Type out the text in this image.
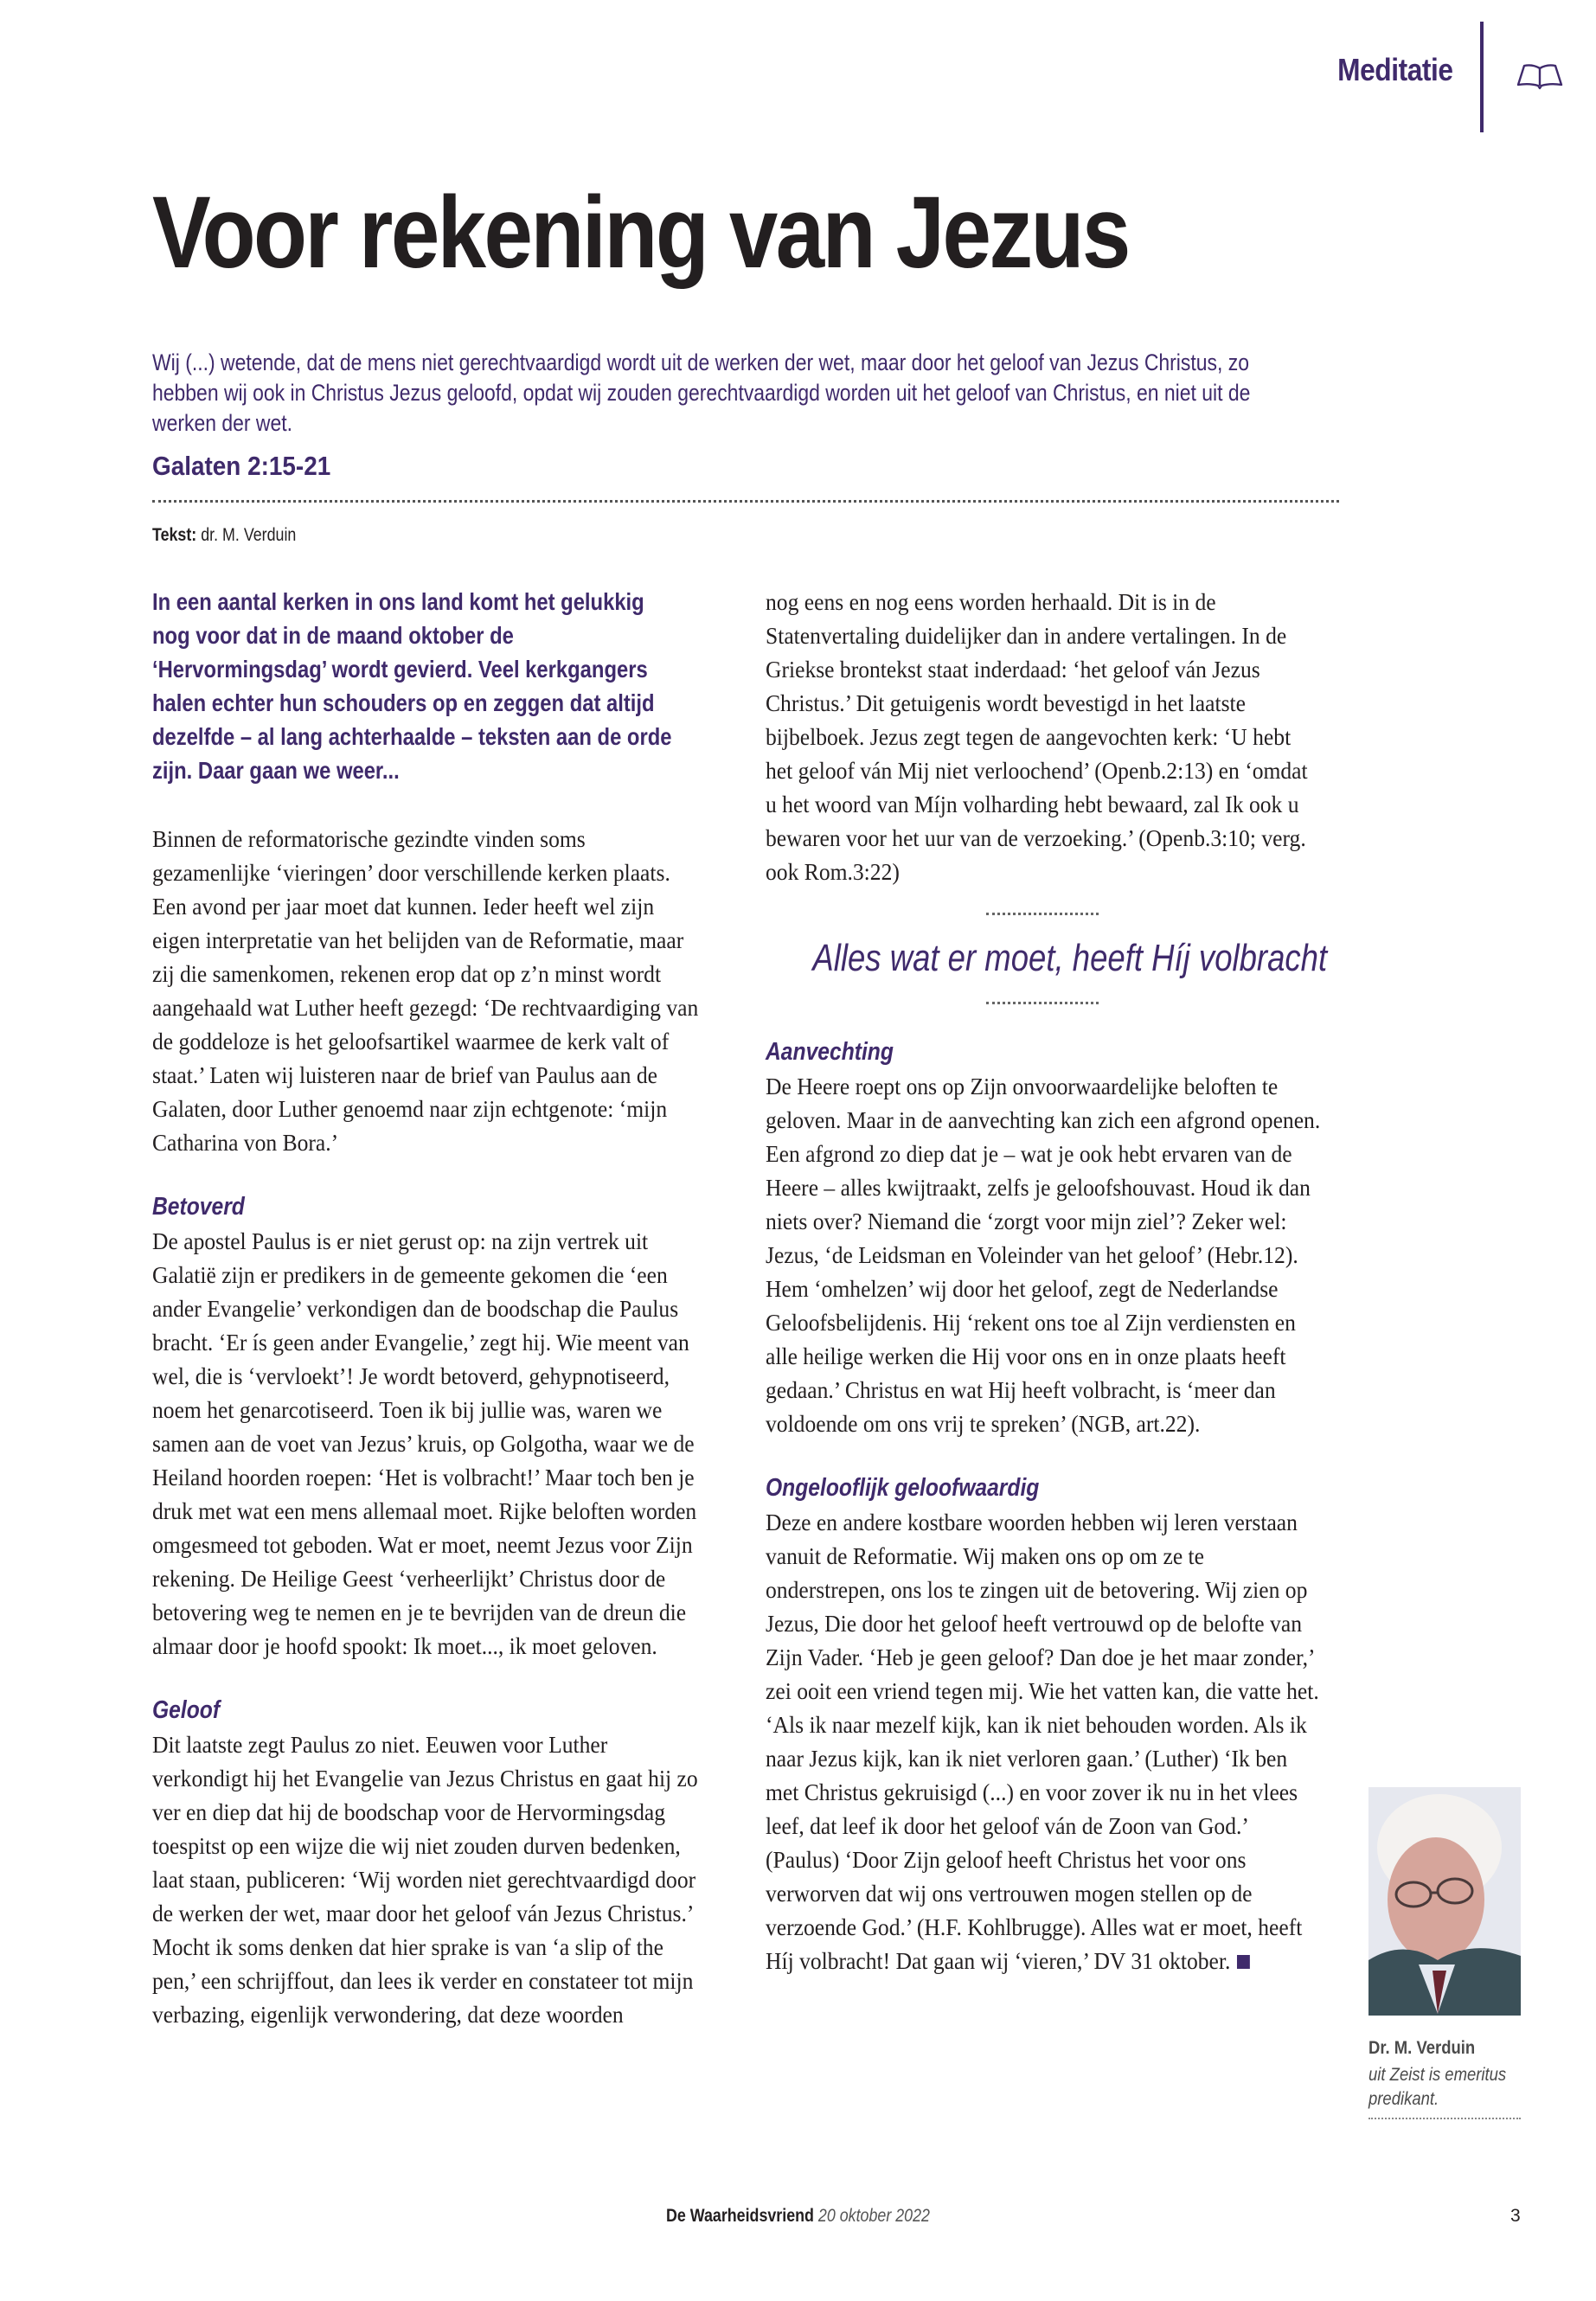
Meditatie
Voor rekening van Jezus
Wij (...) wetende, dat de mens niet gerechtvaardigd wordt uit de werken der wet, maar door het geloof van Jezus Christus, zo hebben wij ook in Christus Jezus geloofd, opdat wij zouden gerechtvaardigd worden uit het geloof van Christus, en niet uit de werken der wet.
Galaten 2:15-21
Tekst: dr. M. Verduin

In een aantal kerken in ons land komt het gelukkig nog voor dat in de maand oktober de ‘Hervormingsdag’ wordt gevierd. Veel kerkgangers halen echter hun schouders op en zeggen dat altijd dezelfde – al lang achterhaalde – teksten aan de orde zijn. Daar gaan we weer...

Binnen de reformatorische gezindte vinden soms gezamenlijke ‘vieringen’ door verschillende kerken plaats. Een avond per jaar moet dat kunnen. Ieder heeft wel zijn eigen interpretatie van het belijden van de Reformatie, maar zij die samenkomen, rekenen erop dat op z’n minst wordt aangehaald wat Luther heeft gezegd: ‘De rechtvaardiging van de goddeloze is het geloofsartikel waarmee de kerk valt of staat.’ Laten wij luisteren naar de brief van Paulus aan de Galaten, door Luther genoemd naar zijn echtgenote: ‘mijn Catharina von Bora.’

Betoverd

De apostel Paulus is er niet gerust op: na zijn vertrek uit Galatië zijn er predikers in de gemeente gekomen die ‘een ander Evangelie’ verkondigen dan de boodschap die Paulus bracht. ‘Er ís geen ander Evangelie,’ zegt hij. Wie meent van wel, die is ‘vervloekt’! Je wordt betoverd, gehypnotiseerd, noem het genarcotiseerd. Toen ik bij jullie was, waren we samen aan de voet van Jezus’ kruis, op Golgotha, waar we de Heiland hoorden roepen: ‘Het is volbracht!’ Maar toch ben je druk met wat een mens allemaal moet. Rijke beloften worden omgesmeed tot geboden. Wat er moet, neemt Jezus voor Zijn rekening. De Heilige Geest ‘verheerlijkt’ Christus door de betovering weg te nemen en je te bevrijden van de dreun die almaar door je hoofd spookt: Ik moet..., ik moet geloven.

Geloof

Dit laatste zegt Paulus zo niet. Eeuwen voor Luther verkondigt hij het Evangelie van Jezus Christus en gaat hij zo ver en diep dat hij de boodschap voor de Hervormingsdag toespitst op een wijze die wij niet zouden durven bedenken, laat staan, publiceren: ‘Wij worden niet gerechtvaardigd door de werken der wet, maar door het geloof ván Jezus Christus.’ Mocht ik soms denken dat hier sprake is van ‘a slip of the pen,’ een schrijffout, dan lees ik verder en constateer tot mijn verbazing, eigenlijk verwondering, dat deze woorden

nog eens en nog eens worden herhaald. Dit is in de Statenvertaling duidelijker dan in andere vertalingen. In de Griekse brontekst staat inderdaad: ‘het geloof ván Jezus Christus.’ Dit getuigenis wordt bevestigd in het laatste bijbelboek. Jezus zegt tegen de aangevochten kerk: ‘U hebt het geloof ván Mij niet verloochend’ (Openb.2:13) en ‘omdat u het woord van Míjn volharding hebt bewaard, zal Ik ook u bewaren voor het uur van de verzoeking.’ (Openb.3:10; verg. ook Rom.3:22)

Alles wat er moet, heeft Híj volbracht
Aanvechting

De Heere roept ons op Zijn onvoorwaardelijke beloften te geloven. Maar in de aanvechting kan zich een afgrond openen. Een afgrond zo diep dat je – wat je ook hebt ervaren van de Heere – alles kwijtraakt, zelfs je geloofshouvast. Houd ik dan niets over? Niemand die ‘zorgt voor mijn ziel’? Zeker wel: Jezus, ‘de Leidsman en Voleinder van het geloof’ (Hebr.12). Hem ‘omhelzen’ wij door het geloof, zegt de Nederlandse Geloofsbelijdenis. Hij ‘rekent ons toe al Zijn verdiensten en alle heilige werken die Hij voor ons en in onze plaats heeft gedaan.’ Christus en wat Hij heeft volbracht, is ‘meer dan voldoende om ons vrij te spreken’ (NGB, art.22).

Ongelooflijk geloofwaardig

Deze en andere kostbare woorden hebben wij leren verstaan vanuit de Reformatie. Wij maken ons op om ze te onderstrepen, ons los te zingen uit de betovering. Wij zien op Jezus, Die door het geloof heeft vertrouwd op de belofte van Zijn Vader. ‘Heb je geen geloof? Dan doe je het maar zonder,’ zei ooit een vriend tegen mij. Wie het vatten kan, die vatte het. ‘Als ik naar mezelf kijk, kan ik niet behouden worden. Als ik naar Jezus kijk, kan ik niet verloren gaan.’ (Luther) ‘Ik ben met Christus gekruisigd (...) en voor zover ik nu in het vlees leef, dat leef ik door het geloof ván de Zoon van God.’ (Paulus) ‘Door Zijn geloof heeft Christus het voor ons verworven dat wij ons vertrouwen mogen stellen op de verzoende God.’ (H.F. Kohlbrugge). Alles wat er moet, heeft Híj volbracht! Dat gaan wij ‘vieren,’ DV 31 oktober.

Dr. M. Verduin
uit Zeist is emeritus predikant.
De Waarheidsvriend 20 oktober 2022	3
